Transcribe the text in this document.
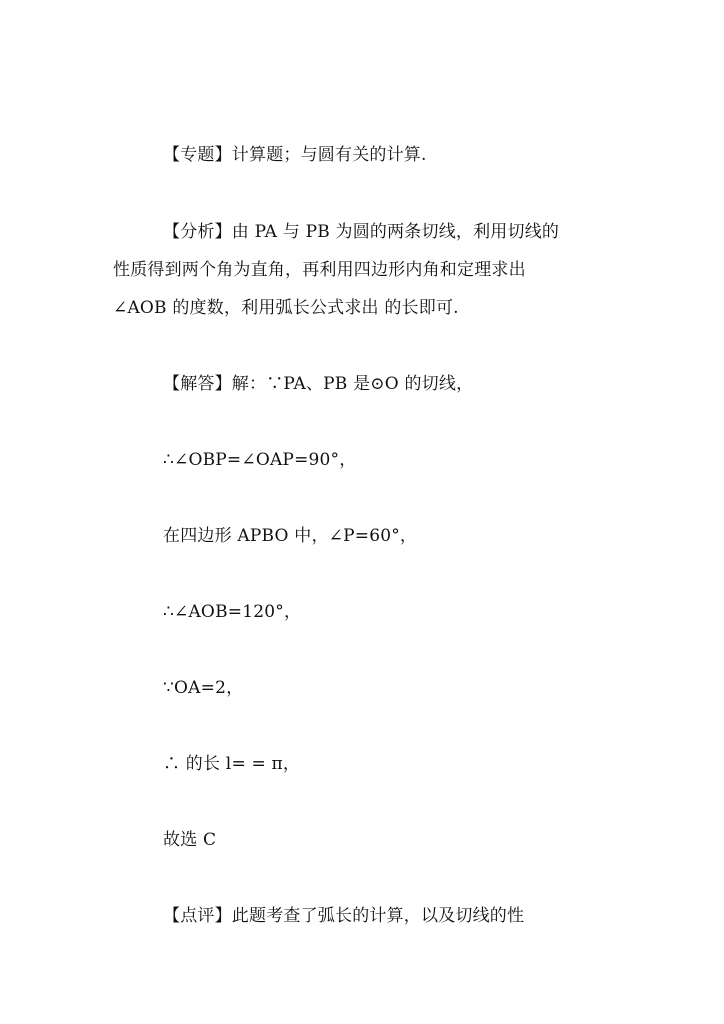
【专题】计算题；与圆有关的计算.
【分析】由 PA 与 PB 为圆的两条切线，利用切线的
性质得到两个角为直角，再利用四边形内角和定理求出
∠AOB 的度数，利用弧长公式求出 的长即可.
【解答】解：∵PA、PB 是⊙O 的切线，
∴∠OBP=∠OAP=90°，
在四边形 APBO 中，∠P=60°，
∴∠AOB=120°，
∵OA=2，
∴ 的长 l= = π，
故选 C
【点评】此题考查了弧长的计算，以及切线的性
